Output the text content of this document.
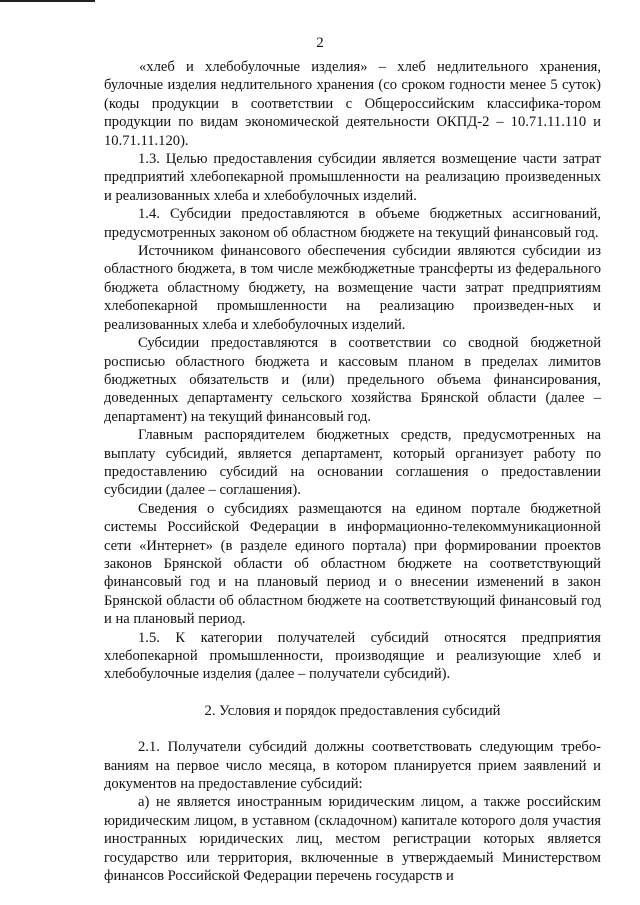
2

«хлеб и хлебобулочные изделия» – хлеб недлительного хранения, булочные изделия недлительного хранения (со сроком годности менее 5 суток) (коды продукции в соответствии с Общероссийским классифика-тором продукции по видам экономической деятельности ОКПД-2 – 10.71.11.110 и 10.71.11.120).

1.3. Целью предоставления субсидии является возмещение части затрат предприятий хлебопекарной промышленности на реализацию произведенных и реализованных хлеба и хлебобулочных изделий.

1.4. Субсидии предоставляются в объеме бюджетных ассигнований, предусмотренных законом об областном бюджете на текущий финансовый год.

Источником финансового обеспечения субсидии являются субсидии из областного бюджета, в том числе межбюджетные трансферты из федерального бюджета областному бюджету, на возмещение части затрат предприятиям хлебопекарной промышленности на реализацию произведен-ных и реализованных хлеба и хлебобулочных изделий.

Субсидии предоставляются в соответствии со сводной бюджетной росписью областного бюджета и кассовым планом в пределах лимитов бюджетных обязательств и (или) предельного объема финансирования, доведенных департаменту сельского хозяйства Брянской области (далее – департамент) на текущий финансовый год.

Главным распорядителем бюджетных средств, предусмотренных на выплату субсидий, является департамент, который организует работу по предоставлению субсидий на основании соглашения о предоставлении субсидии (далее – соглашения).

Сведения о субсидиях размещаются на едином портале бюджетной системы Российской Федерации в информационно-телекоммуникационной сети «Интернет» (в разделе единого портала) при формировании проектов законов Брянской области об областном бюджете на соответствующий финансовый год и на плановый период и о внесении изменений в закон Брянской области об областном бюджете на соответствующий финансовый год и на плановый период.

1.5. К категории получателей субсидий относятся предприятия хлебопекарной промышленности, производящие и реализующие хлеб и хлебобулочные изделия (далее – получатели субсидий).

2. Условия и порядок предоставления субсидий

2.1. Получатели субсидий должны соответствовать следующим требо-ваниям на первое число месяца, в котором планируется прием заявлений и документов на предоставление субсидий:

а) не является иностранным юридическим лицом, а также российским юридическим лицом, в уставном (складочном) капитале которого доля участия иностранных юридических лиц, местом регистрации которых является государство или территория, включенные в утверждаемый Министерством финансов Российской Федерации перечень государств и
